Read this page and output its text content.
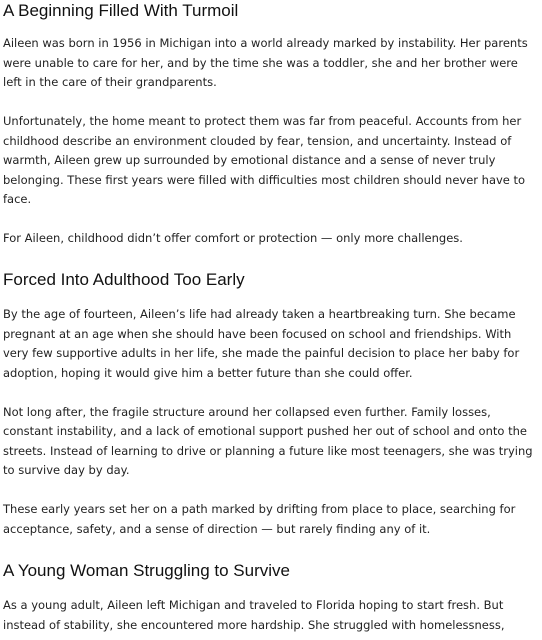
A Beginning Filled With Turmoil

Aileen was born in 1956 in Michigan into a world already marked by instability. Her parents were unable to care for her, and by the time she was a toddler, she and her brother were left in the care of their grandparents.

Unfortunately, the home meant to protect them was far from peaceful. Accounts from her childhood describe an environment clouded by fear, tension, and uncertainty. Instead of warmth, Aileen grew up surrounded by emotional distance and a sense of never truly belonging. These first years were filled with difficulties most children should never have to face.

For Aileen, childhood didn’t offer comfort or protection — only more challenges.

Forced Into Adulthood Too Early

By the age of fourteen, Aileen’s life had already taken a heartbreaking turn. She became pregnant at an age when she should have been focused on school and friendships. With very few supportive adults in her life, she made the painful decision to place her baby for adoption, hoping it would give him a better future than she could offer.

Not long after, the fragile structure around her collapsed even further. Family losses, constant instability, and a lack of emotional support pushed her out of school and onto the streets. Instead of learning to drive or planning a future like most teenagers, she was trying to survive day by day.

These early years set her on a path marked by drifting from place to place, searching for acceptance, safety, and a sense of direction — but rarely finding any of it.

A Young Woman Struggling to Survive

As a young adult, Aileen left Michigan and traveled to Florida hoping to start fresh. But instead of stability, she encountered more hardship. She struggled with homelessness,
